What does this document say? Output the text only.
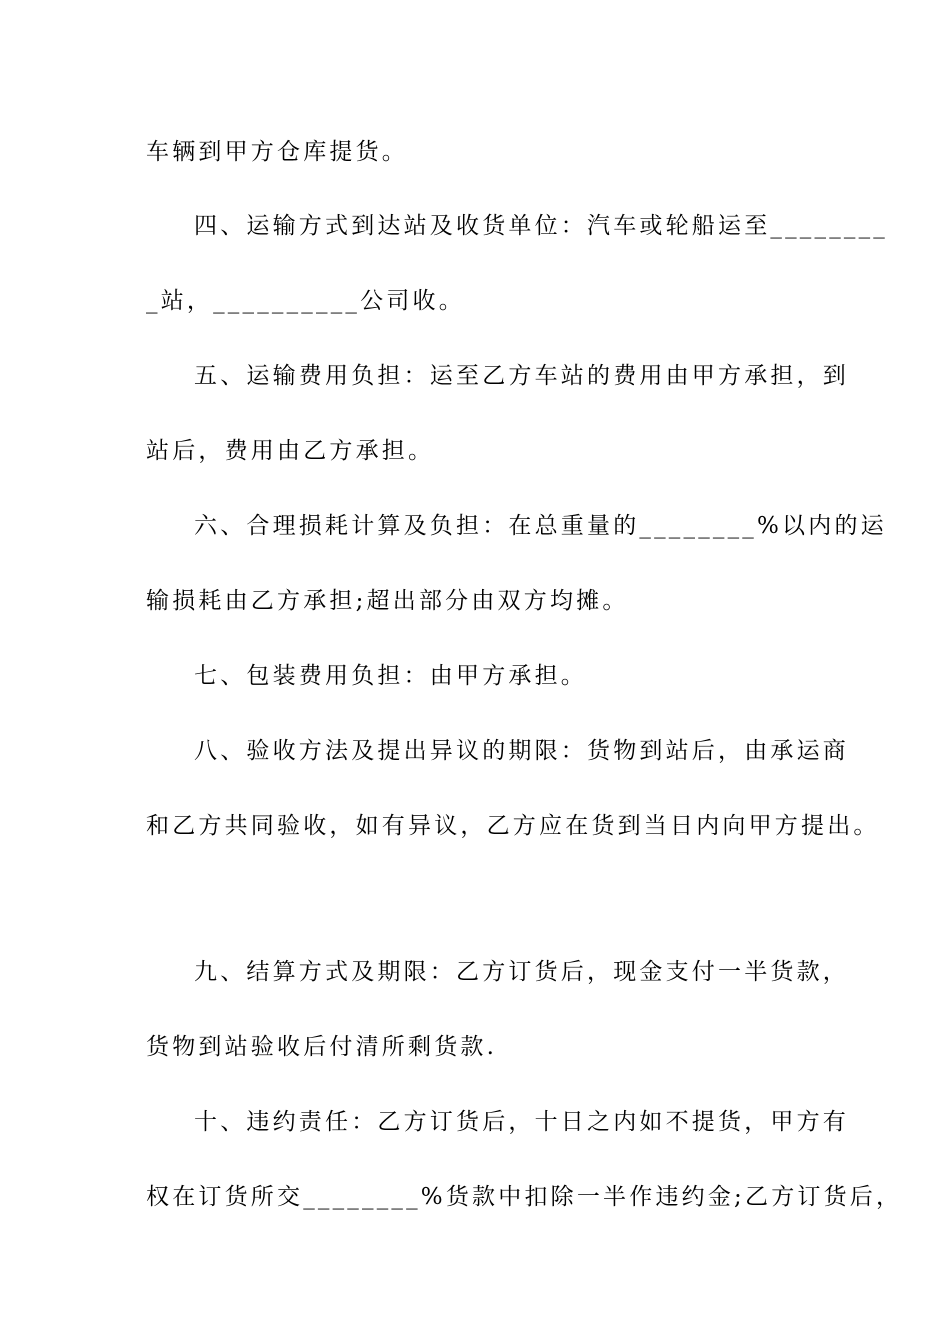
车辆到甲方仓库提货。
四、运输方式到达站及收货单位：汽车或轮船运至________
_站，__________公司收。
五、运输费用负担：运至乙方车站的费用由甲方承担，到
站后，费用由乙方承担。
六、合理损耗计算及负担：在总重量的________%以内的运
输损耗由乙方承担;超出部分由双方均摊。
七、包装费用负担：由甲方承担。
八、验收方法及提出异议的期限：货物到站后，由承运商
和乙方共同验收，如有异议，乙方应在货到当日内向甲方提出。
九、结算方式及期限：乙方订货后，现金支付一半货款，
货物到站验收后付清所剩货款.
十、违约责任：乙方订货后，十日之内如不提货，甲方有
权在订货所交________%货款中扣除一半作违约金;乙方订货后，
